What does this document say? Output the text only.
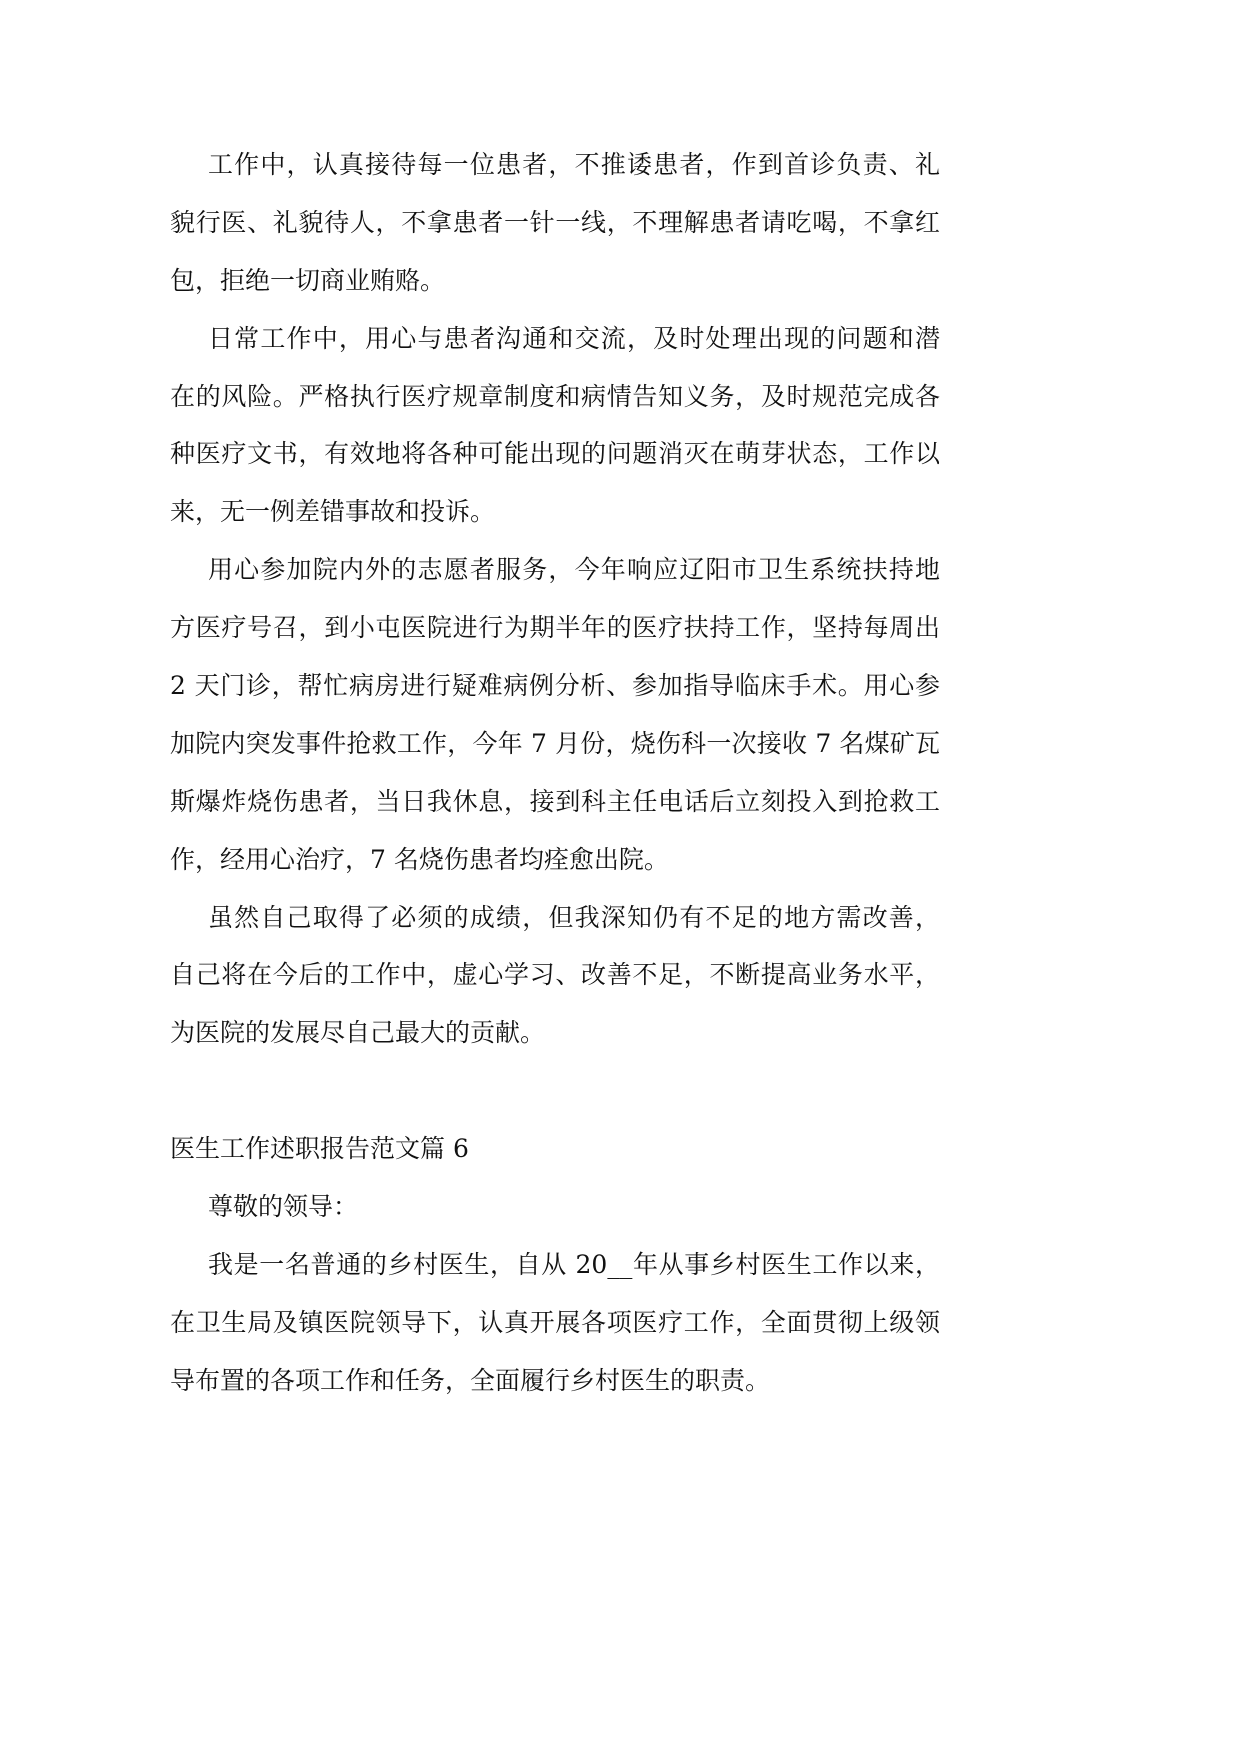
工作中，认真接待每一位患者，不推诿患者，作到首诊负责、礼
貌行医、礼貌待人，不拿患者一针一线，不理解患者请吃喝，不拿红
包，拒绝一切商业贿赂。
日常工作中，用心与患者沟通和交流，及时处理出现的问题和潜
在的风险。严格执行医疗规章制度和病情告知义务，及时规范完成各
种医疗文书，有效地将各种可能出现的问题消灭在萌芽状态，工作以
来，无一例差错事故和投诉。
用心参加院内外的志愿者服务，今年响应辽阳市卫生系统扶持地
方医疗号召，到小屯医院进行为期半年的医疗扶持工作，坚持每周出
2 天门诊，帮忙病房进行疑难病例分析、参加指导临床手术。用心参
加院内突发事件抢救工作，今年 7 月份，烧伤科一次接收 7 名煤矿瓦
斯爆炸烧伤患者，当日我休息，接到科主任电话后立刻投入到抢救工
作，经用心治疗，7 名烧伤患者均痊愈出院。
虽然自己取得了必须的成绩，但我深知仍有不足的地方需改善，
自己将在今后的工作中，虚心学习、改善不足，不断提高业务水平，
为医院的发展尽自己最大的贡献。
医生工作述职报告范文篇 6
尊敬的领导：
我是一名普通的乡村医生，自从 20__年从事乡村医生工作以来，
在卫生局及镇医院领导下，认真开展各项医疗工作，全面贯彻上级领
导布置的各项工作和任务，全面履行乡村医生的职责。
